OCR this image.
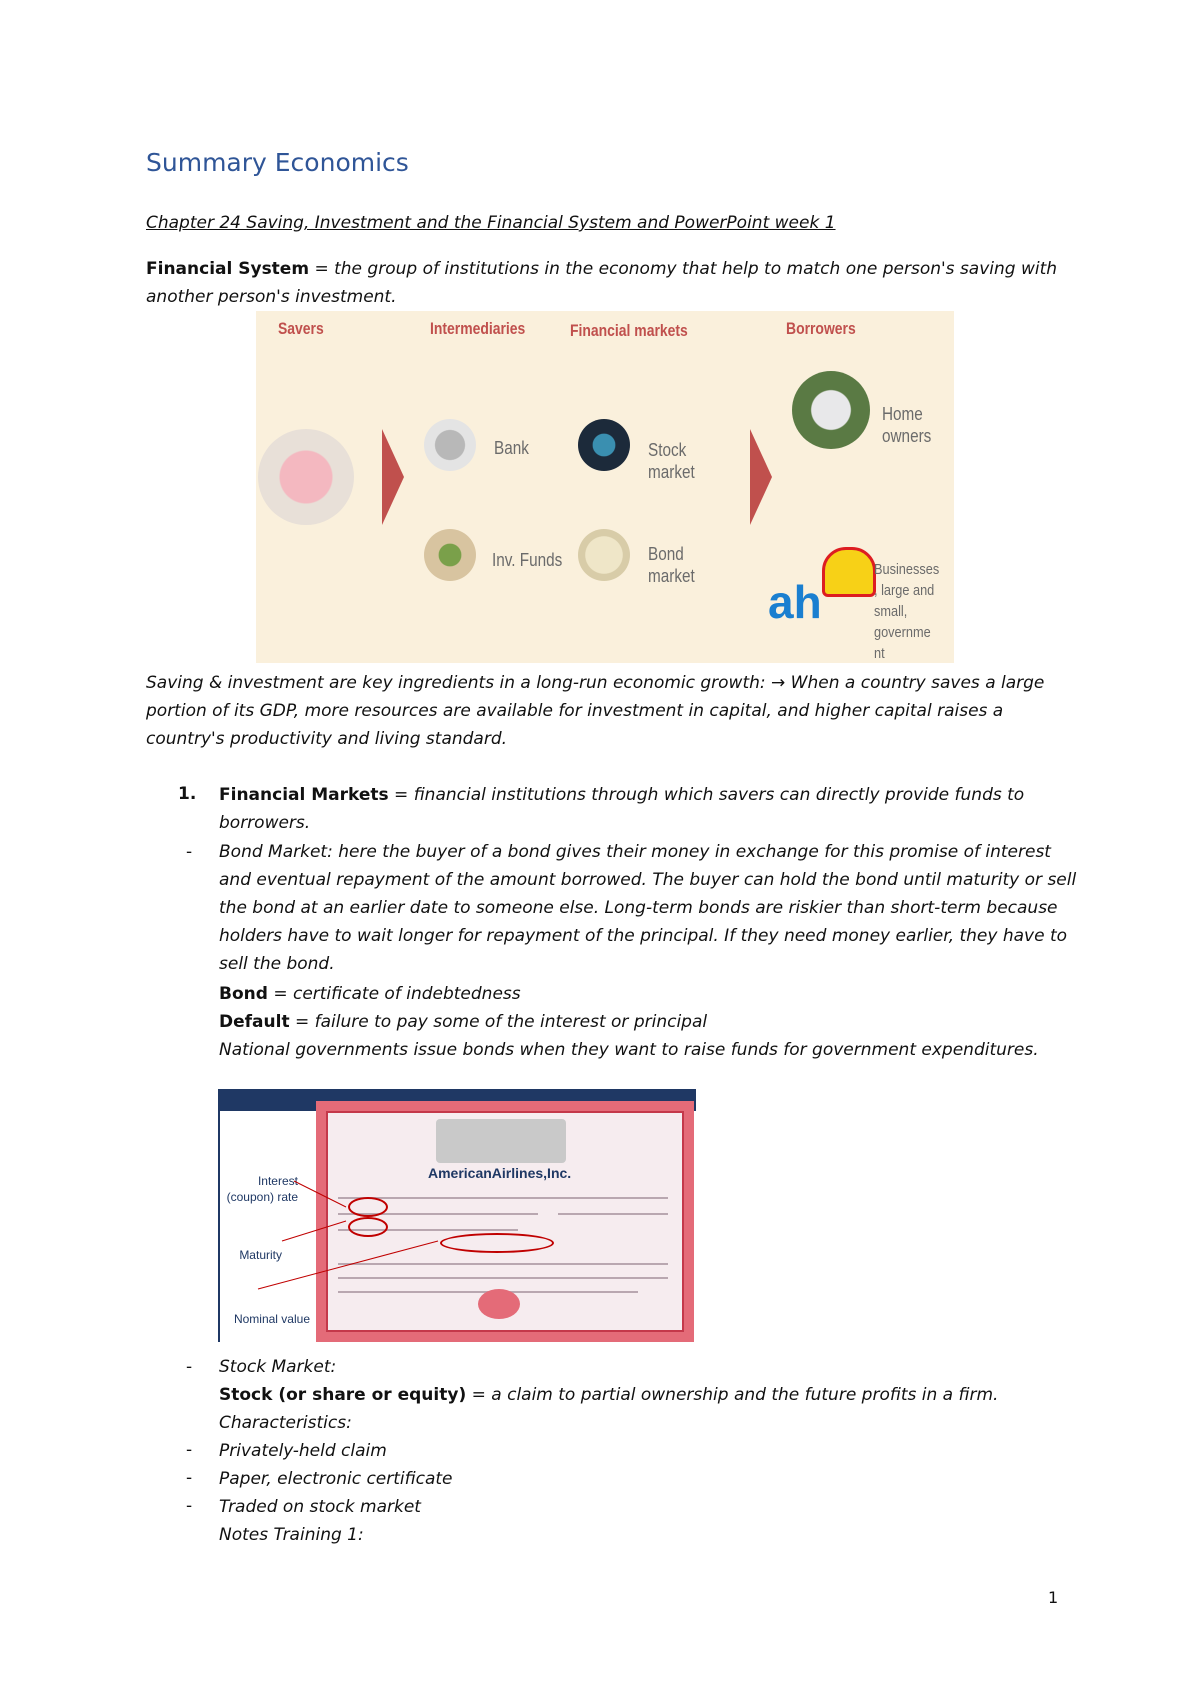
Summary Economics
Chapter 24 Saving, Investment and the Financial System and PowerPoint week 1
Financial System = the group of institutions in the economy that help to match one person's saving with another person's investment.
Savers	Intermediaries	Financial markets	Borrowers
Bank
Inv. Funds
Stock market
Bond market
Home owners
ah
Businesses , large and small, governme nt
Saving & investment are key ingredients in a long-run economic growth: → When a country saves a large portion of its GDP, more resources are available for investment in capital, and higher capital raises a country's productivity and living standard.
1. Financial Markets = financial institutions through which savers can directly provide funds to borrowers.
- Bond Market: here the buyer of a bond gives their money in exchange for this promise of interest and eventual repayment of the amount borrowed. The buyer can hold the bond until maturity or sell the bond at an earlier date to someone else. Long-term bonds are riskier than short-term because holders have to wait longer for repayment of the principal. If they need money earlier, they have to sell the bond.
Bond = certificate of indebtedness
Default = failure to pay some of the interest or principal
National governments issue bonds when they want to raise funds for government expenditures.
Interest (coupon) rate
Maturity
Nominal value
AmericanAirlines,Inc.
- Stock Market:
Stock (or share or equity) = a claim to partial ownership and the future profits in a firm.
Characteristics:
- Privately-held claim
- Paper, electronic certificate
- Traded on stock market
Notes Training 1:
1
